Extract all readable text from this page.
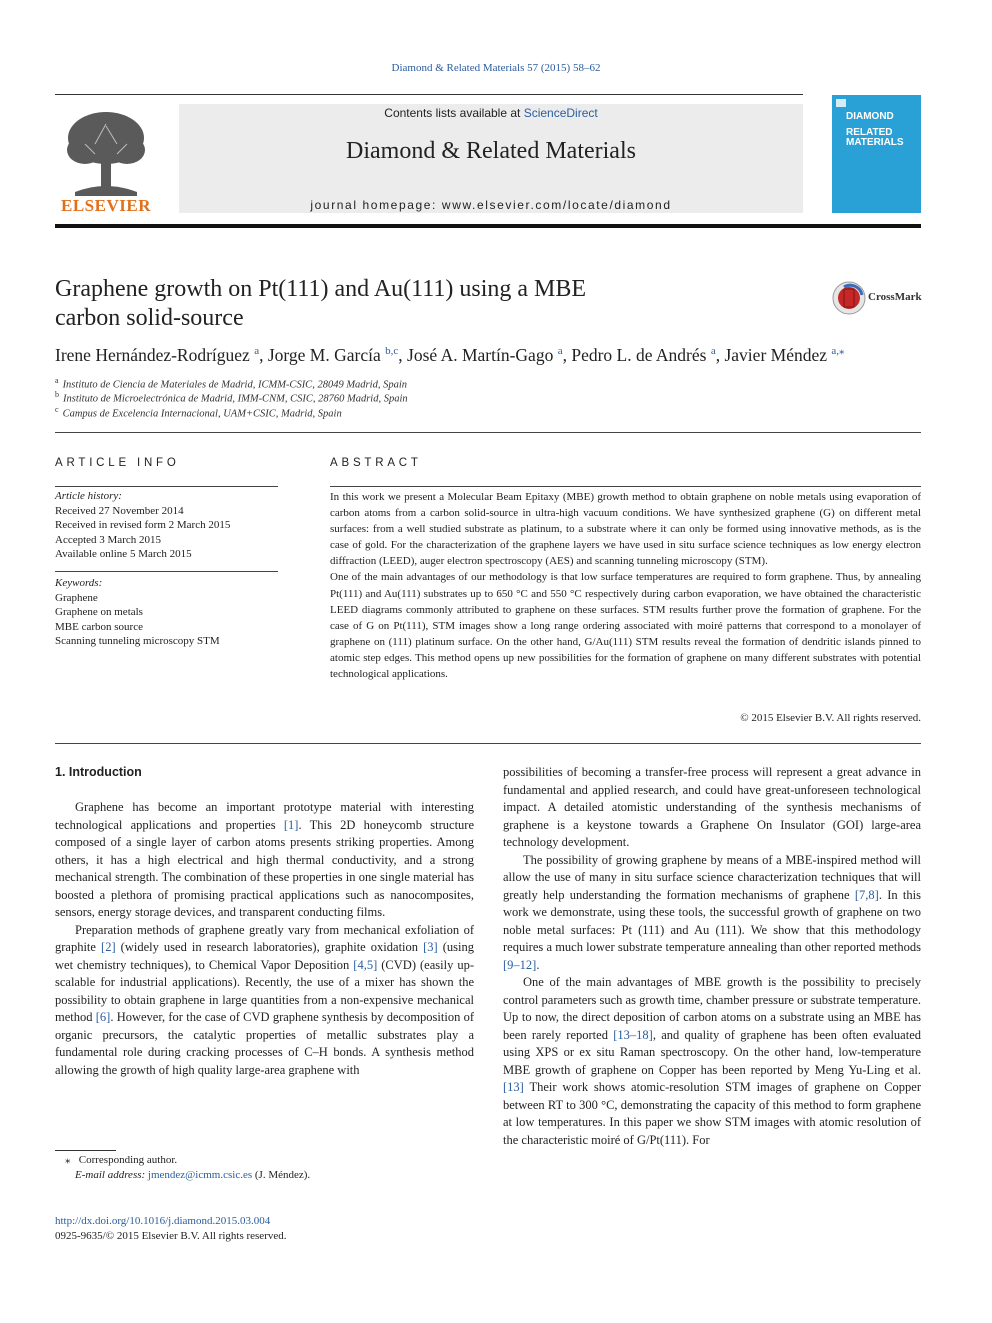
Diamond & Related Materials 57 (2015) 58–62
ELSEVIER
Contents lists available at ScienceDirect
Diamond & Related Materials
journal homepage: www.elsevier.com/locate/diamond
DIAMOND
RELATED
MATERIALS
Graphene growth on Pt(111) and Au(111) using a MBE
carbon solid-source
CrossMark
Irene Hernández-Rodríguez $^a$, Jorge M. García $^{b,c}$, José A. Martín-Gago $^a$, Pedro L. de Andrés $^a$, Javier Méndez $^{a,⁎}$
$^a$ Instituto de Ciencia de Materiales de Madrid, ICMM-CSIC, 28049 Madrid, Spain
$^b$ Instituto de Microelectrónica de Madrid, IMM-CNM, CSIC, 28760 Madrid, Spain
$^c$ Campus de Excelencia Internacional, UAM+CSIC, Madrid, Spain
ARTICLE INFO
Article history:
Received 27 November 2014
Received in revised form 2 March 2015
Accepted 3 March 2015
Available online 5 March 2015
Keywords:
Graphene
Graphene on metals
MBE carbon source
Scanning tunneling microscopy STM
ABSTRACT

In this work we present a Molecular Beam Epitaxy (MBE) growth method to obtain graphene on noble metals using evaporation of carbon atoms from a carbon solid-source in ultra-high vacuum conditions. We have synthesized graphene (G) on different metal surfaces: from a well studied substrate as platinum, to a substrate where it can only be formed using innovative methods, as is the case of gold. For the characterization of the graphene layers we have used in situ surface science techniques as low energy electron diffraction (LEED), auger electron spectroscopy (AES) and scanning tunneling microscopy (STM).

One of the main advantages of our methodology is that low surface temperatures are required to form graphene. Thus, by annealing Pt(111) and Au(111) substrates up to 650 °C and 550 °C respectively during carbon evaporation, we have obtained the characteristic LEED diagrams commonly attributed to graphene on these surfaces. STM results further prove the formation of graphene. For the case of G on Pt(111), STM images show a long range ordering associated with moiré patterns that correspond to a monolayer of graphene on (111) platinum surface. On the other hand, G/Au(111) STM results reveal the formation of dendritic islands pinned to atomic step edges. This method opens up new possibilities for the formation of graphene on many different substrates with potential technological applications.

© 2015 Elsevier B.V. All rights reserved.
1. Introduction

Graphene has become an important prototype material with interesting technological applications and properties [1]. This 2D honeycomb structure composed of a single layer of carbon atoms presents striking properties. Among others, it has a high electrical and high thermal conductivity, and a strong mechanical strength. The combination of these properties in one single material has boosted a plethora of promising practical applications such as nanocomposites, sensors, energy storage devices, and transparent conducting films.

Preparation methods of graphene greatly vary from mechanical exfoliation of graphite [2] (widely used in research laboratories), graphite oxidation [3] (using wet chemistry techniques), to Chemical Vapor Deposition [4,5] (CVD) (easily up-scalable for industrial applications). Recently, the use of a mixer has shown the possibility to obtain graphene in large quantities from a non-expensive mechanical method [6]. However, for the case of CVD graphene synthesis by decomposition of organic precursors, the catalytic properties of metallic substrates play a fundamental role during cracking processes of C–H bonds. A synthesis method allowing the growth of high quality large-area graphene with

possibilities of becoming a transfer-free process will represent a great advance in fundamental and applied research, and could have great-unforeseen technological impact. A detailed atomistic understanding of the synthesis mechanisms of graphene is a keystone towards a Graphene On Insulator (GOI) large-area technology development.

The possibility of growing graphene by means of a MBE-inspired method will allow the use of many in situ surface science characterization techniques that will greatly help understanding the formation mechanisms of graphene [7,8]. In this work we demonstrate, using these tools, the successful growth of graphene on two noble metal surfaces: Pt (111) and Au (111). We show that this methodology requires a much lower substrate temperature annealing than other reported methods [9–12].

One of the main advantages of MBE growth is the possibility to precisely control parameters such as growth time, chamber pressure or substrate temperature. Up to now, the direct deposition of carbon atoms on a substrate using an MBE has been rarely reported [13–18], and quality of graphene has been often evaluated using XPS or ex situ Raman spectroscopy. On the other hand, low-temperature MBE growth of graphene on Copper has been reported by Meng Yu-Ling et al. [13] Their work shows atomic-resolution STM images of graphene on Copper between RT to 300 °C, demonstrating the capacity of this method to form graphene at low temperatures. In this paper we show STM images with atomic resolution of the characteristic moiré of G/Pt(111). For

⁎ Corresponding author.
E-mail address: jmendez@icmm.csic.es (J. Méndez).
http://dx.doi.org/10.1016/j.diamond.2015.03.004
0925-9635/© 2015 Elsevier B.V. All rights reserved.
